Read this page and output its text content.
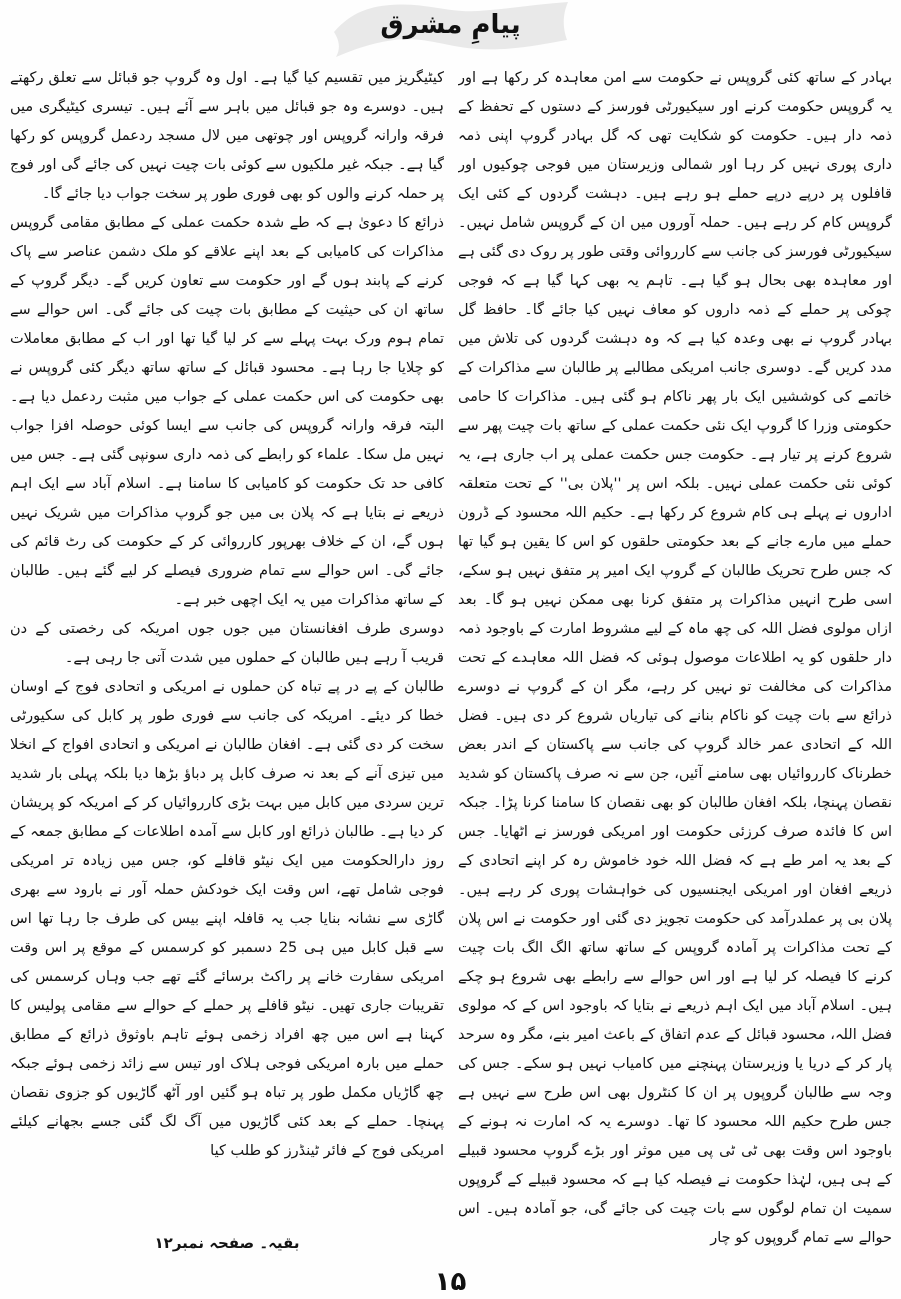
پیامِ مشرق

بہادر کے ساتھ کئی گروپس نے حکومت سے امن معاہدہ کر رکھا ہے اور یہ گروپس حکومت کرنے اور سیکیورٹی فورسز کے دستوں کے تحفظ کے ذمہ دار ہیں۔ حکومت کو شکایت تھی کہ گل بہادر گروپ اپنی ذمہ داری پوری نہیں کر رہا اور شمالی وزیرستان میں فوجی چوکیوں اور قافلوں پر درپے درپے حملے ہو رہے ہیں۔ دہشت گردوں کے کئی ایک گروپس کام کر رہے ہیں۔ حملہ آوروں میں ان کے گروپس شامل نہیں۔ سیکیورٹی فورسز کی جانب سے کارروائی وقتی طور پر روک دی گئی ہے اور معاہدہ بھی بحال ہو گیا ہے۔ تاہم یہ بھی کہا گیا ہے کہ فوجی چوکی پر حملے کے ذمہ داروں کو معاف نہیں کیا جائے گا۔ حافظ گل بہادر گروپ نے بھی وعدہ کیا ہے کہ وہ دہشت گردوں کی تلاش میں مدد کریں گے۔ دوسری جانب امریکی مطالبے پر طالبان سے مذاکرات کے خاتمے کی کوششیں ایک بار پھر ناکام ہو گئی ہیں۔ مذاکرات کا حامی حکومتی وزرا کا گروپ ایک نئی حکمت عملی کے ساتھ بات چیت پھر سے شروع کرنے پر تیار ہے۔ حکومت جس حکمت عملی پر اب جاری ہے، یہ کوئی نئی حکمت عملی نہیں۔ بلکہ اس پر ''پلان بی'' کے تحت متعلقہ اداروں نے پہلے ہی کام شروع کر رکھا ہے۔ حکیم اللہ محسود کے ڈرون حملے میں مارے جانے کے بعد حکومتی حلقوں کو اس کا یقین ہو گیا تھا کہ جس طرح تحریک طالبان کے گروپ ایک امیر پر متفق نہیں ہو سکے، اسی طرح انہیں مذاکرات پر متفق کرنا بھی ممکن نہیں ہو گا۔ بعد ازاں مولوی فضل اللہ کی چھ ماہ کے لیے مشروط امارت کے باوجود ذمہ دار حلقوں کو یہ اطلاعات موصول ہوئی کہ فضل اللہ معاہدے کے تحت مذاکرات کی مخالفت تو نہیں کر رہے، مگر ان کے گروپ نے دوسرے ذرائع سے بات چیت کو ناکام بنانے کی تیاریاں شروع کر دی ہیں۔ فضل اللہ کے اتحادی عمر خالد گروپ کی جانب سے پاکستان کے اندر بعض خطرناک کارروائیاں بھی سامنے آئیں، جن سے نہ صرف پاکستان کو شدید نقصان پہنچا، بلکہ افغان طالبان کو بھی نقصان کا سامنا کرنا پڑا۔ جبکہ اس کا فائدہ صرف کرزئی حکومت اور امریکی فورسز نے اٹھایا۔ جس کے بعد یہ امر طے ہے کہ فضل اللہ خود خاموش رہ کر اپنے اتحادی کے ذریعے افغان اور امریکی ایجنسیوں کی خواہشات پوری کر رہے ہیں۔ پلان بی پر عملدرآمد کی حکومت تجویز دی گئی اور حکومت نے اس پلان کے تحت مذاکرات پر آمادہ گروپس کے ساتھ ساتھ الگ الگ بات چیت کرنے کا فیصلہ کر لیا ہے اور اس حوالے سے رابطے بھی شروع ہو چکے ہیں۔ اسلام آباد میں ایک اہم ذریعے نے بتایا کہ باوجود اس کے کہ مولوی فضل اللہ، محسود قبائل کے عدم اتفاق کے باعث امیر بنے، مگر وہ سرحد پار کر کے دریا یا وزیرستان پہنچنے میں کامیاب نہیں ہو سکے۔ جس کی وجہ سے طالبان گروپوں پر ان کا کنٹرول بھی اس طرح سے نہیں ہے جس طرح حکیم اللہ محسود کا تھا۔ دوسرے یہ کہ امارت نہ ہونے کے باوجود اس وقت بھی ٹی ٹی پی میں موثر اور بڑے گروپ محسود قبیلے کے ہی ہیں، لہٰذا حکومت نے فیصلہ کیا ہے کہ محسود قبیلے کے گروپوں سمیت ان تمام لوگوں سے بات چیت کی جائے گی، جو آمادہ ہیں۔ اس حوالے سے تمام گروپوں کو چار

کیٹیگریز میں تقسیم کیا گیا ہے۔ اول وہ گروپ جو قبائل سے تعلق رکھتے ہیں۔ دوسرے وہ جو قبائل میں باہر سے آئے ہیں۔ تیسری کیٹیگری میں فرقہ وارانہ گروپس اور چوتھی میں لال مسجد ردعمل گروپس کو رکھا گیا ہے۔ جبکہ غیر ملکیوں سے کوئی بات چیت نہیں کی جائے گی اور فوج پر حملہ کرنے والوں کو بھی فوری طور پر سخت جواب دیا جائے گا۔

ذرائع کا دعویٰ ہے کہ طے شدہ حکمت عملی کے مطابق مقامی گروپس مذاکرات کی کامیابی کے بعد اپنے علاقے کو ملک دشمن عناصر سے پاک کرنے کے پابند ہوں گے اور حکومت سے تعاون کریں گے۔ دیگر گروپ کے ساتھ ان کی حیثیت کے مطابق بات چیت کی جائے گی۔ اس حوالے سے تمام ہوم ورک بہت پہلے سے کر لیا گیا تھا اور اب کے مطابق معاملات کو چلایا جا رہا ہے۔ محسود قبائل کے ساتھ ساتھ دیگر کئی گروپس نے بھی حکومت کی اس حکمت عملی کے جواب میں مثبت ردعمل دیا ہے۔ البتہ فرقہ وارانہ گروپس کی جانب سے ایسا کوئی حوصلہ افزا جواب نہیں مل سکا۔ علماء کو رابطے کی ذمہ داری سونپی گئی ہے۔ جس میں کافی حد تک حکومت کو کامیابی کا سامنا ہے۔ اسلام آباد سے ایک اہم ذریعے نے بتایا ہے کہ پلان بی میں جو گروپ مذاکرات میں شریک نہیں ہوں گے، ان کے خلاف بھرپور کارروائی کر کے حکومت کی رٹ قائم کی جائے گی۔ اس حوالے سے تمام ضروری فیصلے کر لیے گئے ہیں۔ طالبان کے ساتھ مذاکرات میں یہ ایک اچھی خبر ہے۔

دوسری طرف افغانستان میں جوں جوں امریکہ کی رخصتی کے دن قریب آ رہے ہیں طالبان کے حملوں میں شدت آتی جا رہی ہے۔

طالبان کے پے در پے تباہ کن حملوں نے امریکی و اتحادی فوج کے اوسان خطا کر دیئے۔ امریکہ کی جانب سے فوری طور پر کابل کی سکیورٹی سخت کر دی گئی ہے۔ افغان طالبان نے امریکی و اتحادی افواج کے انخلا میں تیزی آنے کے بعد نہ صرف کابل پر دباؤ بڑھا دیا بلکہ پہلی بار شدید ترین سردی میں کابل میں بہت بڑی کارروائیاں کر کے امریکہ کو پریشان کر دیا ہے۔ طالبان ذرائع اور کابل سے آمدہ اطلاعات کے مطابق جمعہ کے روز دارالحکومت میں ایک نیٹو قافلے کو، جس میں زیادہ تر امریکی فوجی شامل تھے، اس وقت ایک خودکش حملہ آور نے بارود سے بھری گاڑی سے نشانہ بنایا جب یہ قافلہ اپنے بیس کی طرف جا رہا تھا اس سے قبل کابل میں ہی 25 دسمبر کو کرسمس کے موقع پر اس وقت امریکی سفارت خانے پر راکٹ برسائے گئے تھے جب وہاں کرسمس کی تقریبات جاری تھیں۔ نیٹو قافلے پر حملے کے حوالے سے مقامی پولیس کا کہنا ہے اس میں چھ افراد زخمی ہوئے تاہم باوثوق ذرائع کے مطابق حملے میں بارہ امریکی فوجی ہلاک اور تیس سے زائد زخمی ہوئے جبکہ چھ گاڑیاں مکمل طور پر تباہ ہو گئیں اور آٹھ گاڑیوں کو جزوی نقصان پہنچا۔ حملے کے بعد کئی گاڑیوں میں آگ لگ گئی جسے بجھانے کیلئے امریکی فوج کے فائر ٹینڈرز کو طلب کیا

بقیہ۔ صفحہ نمبر۱۲
۱۵
